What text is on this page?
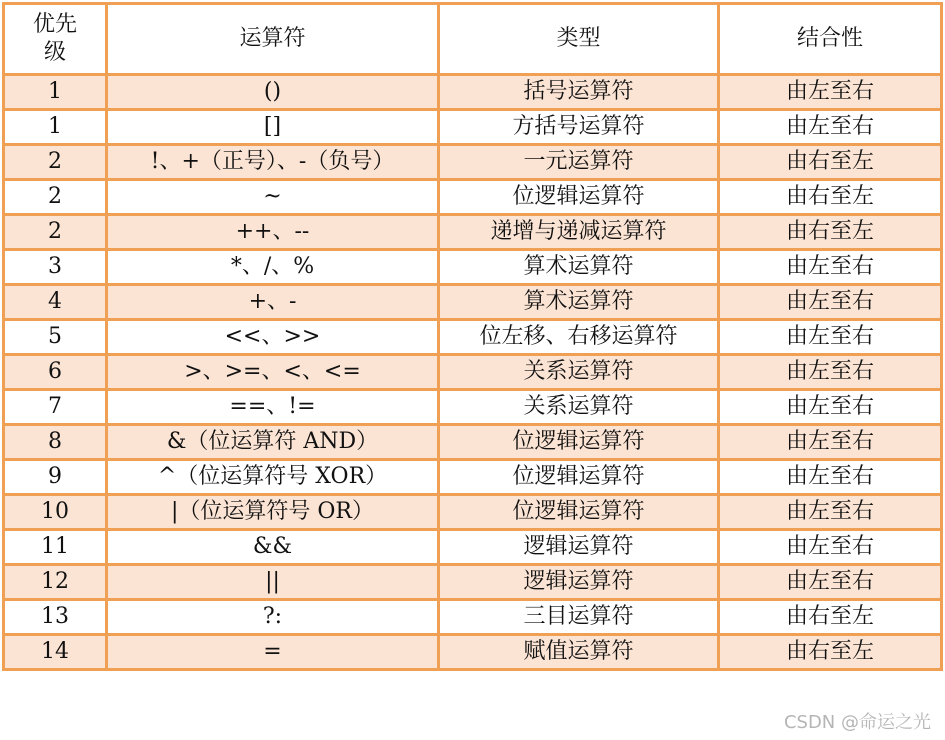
优先
级	运算符	类型	结合性
1	()	括号运算符	由左至右
1	[]	方括号运算符	由左至右
2	!、+（正号）、-（负号）	一元运算符	由右至左
2	~	位逻辑运算符	由右至左
2	++、--	递增与递减运算符	由右至左
3	*、/、%	算术运算符	由左至右
4	+、-	算术运算符	由左至右
5	<<、>>	位左移、右移运算符	由左至右
6	>、>=、<、<=	关系运算符	由左至右
7	==、!=	关系运算符	由左至右
8	&（位运算符 AND）	位逻辑运算符	由左至右
9	^（位运算符号 XOR）	位逻辑运算符	由左至右
10	|（位运算符号 OR）	位逻辑运算符	由左至右
11	&&	逻辑运算符	由左至右
12	||	逻辑运算符	由左至右
13	?:	三目运算符	由右至左
14	=	赋值运算符	由右至左
CSDN @命运之光
